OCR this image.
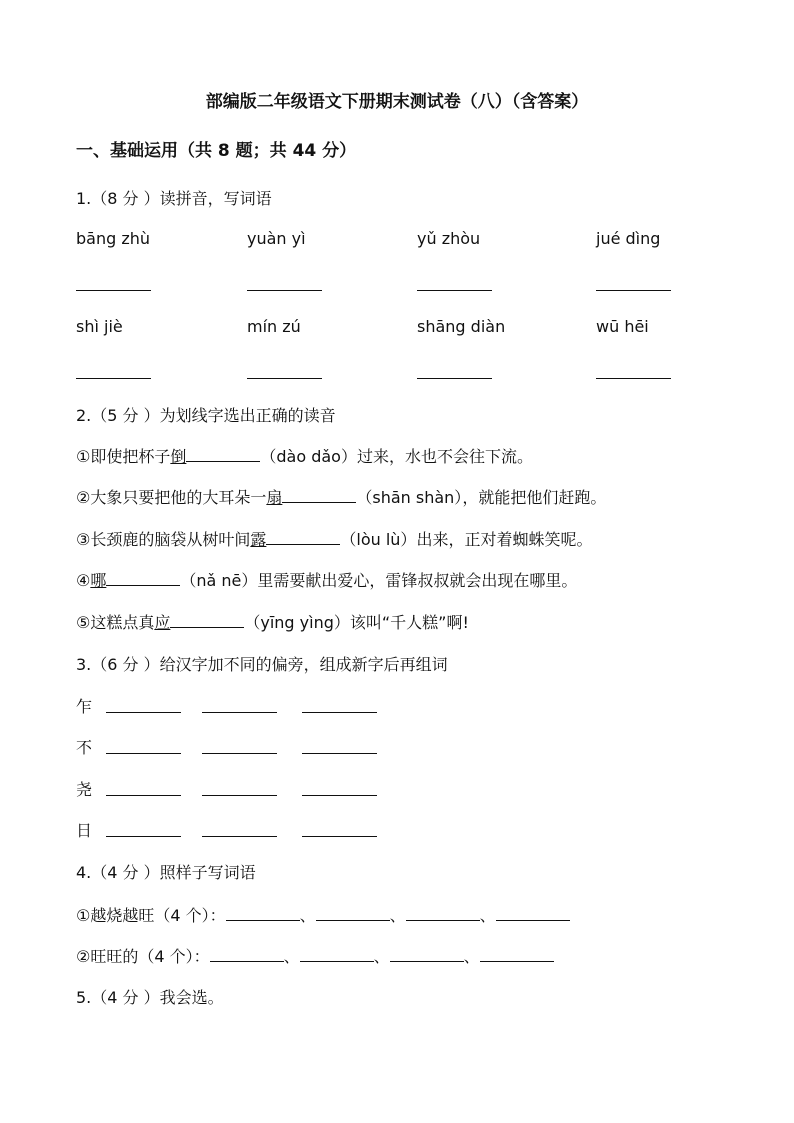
部编版二年级语文下册期末测试卷（八）（含答案）
一、基础运用（共 8 题；共 44 分）
1.（8 分 ）读拼音，写词语
bāng zhù	yuàn yì	yǔ zhòu	jué dìng
shì jiè	mín zú	shāng diàn	wū hēi
2.（5 分 ）为划线字选出正确的读音
①即使把杯子倒	（dào dǎo）过来，水也不会往下流。
②大象只要把他的大耳朵一扇	（shān shàn），就能把他们赶跑。
③长颈鹿的脑袋从树叶间露	（lòu lù）出来，正对着蜘蛛笑呢。
④哪	（nǎ nē）里需要献出爱心，雷锋叔叔就会出现在哪里。
⑤这糕点真应	（yīng yìng）该叫“千人糕”啊!
3.（6 分 ）给汉字加不同的偏旁，组成新字后再组词
乍
不
尧
日
4.（4 分 ）照样子写词语
①越烧越旺（4 个）：	、	、	、
②旺旺的（4 个）：	、	、	、
5.（4 分 ）我会选。
